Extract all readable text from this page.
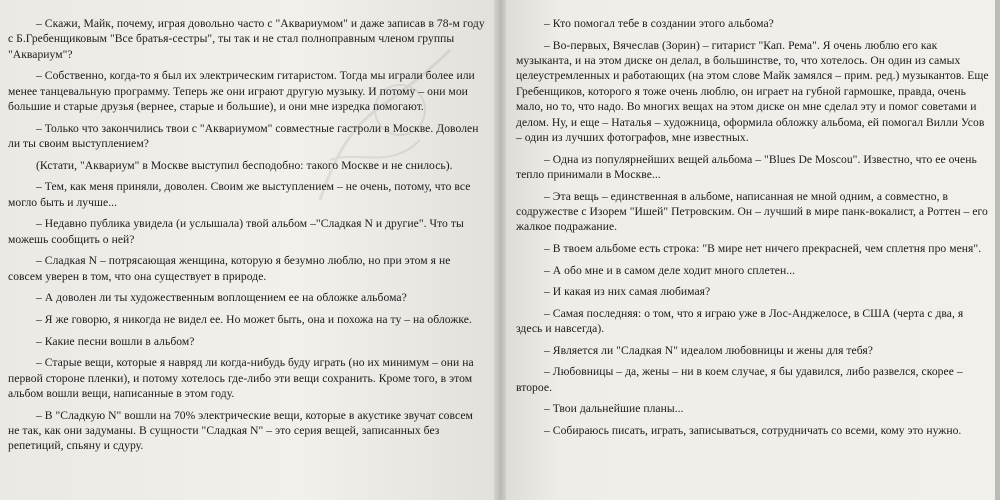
– Скажи, Майк, почему, играя довольно часто с "Аквариумом" и даже записав в 78-м году с Б.Гребенщиковым "Все братья-сестры", ты так и не стал полноправным членом группы "Аквариум"?

– Собственно, когда-то я был их электрическим гитаристом. Тогда мы играли более или менее танцевальную программу. Теперь же они играют другую музыку. И потому – они мои большие и старые друзья (вернее, старые и большие), и они мне изредка помогают.

– Только что закончились твои с "Аквариумом" совместные гастроли в Москве. Доволен ли ты своим выступлением?

(Кстати, "Аквариум" в Москве выступил бесподобно: такого Москве и не снилось).

– Тем, как меня приняли, доволен. Своим же выступлением – не очень, потому, что все могло быть и лучше...

– Недавно публика увидела (и услышала) твой альбом –"Сладкая N и другие". Что ты можешь сообщить о ней?

– Сладкая N – потрясающая женщина, которую я безумно люблю, но при этом я не совсем уверен в том, что она существует в природе.

– А доволен ли ты художественным воплощением ее на обложке альбома?

– Я же говорю, я никогда не видел ее. Но может быть, она и похожа на ту – на обложке.

– Какие песни вошли в альбом?

– Старые вещи, которые я навряд ли когда-нибудь буду играть (но их минимум – они на первой стороне пленки), и потому хотелось где-либо эти вещи сохранить. Кроме того, в этом альбом вошли вещи, написанные в этом году.

– В "Сладкую N" вошли на 70% электрические вещи, которые в акустике звучат совсем не так, как они задуманы. В сущности "Сладкая N" – это серия вещей, записанных без репетиций, спьяну и сдуру.

– Кто помогал тебе в создании этого альбома?

– Во-первых, Вячеслав (Зорин) – гитарист "Кап. Рема". Я очень люблю его как музыканта, и на этом диске он делал, в большинстве, то, что хотелось. Он один из самых целеустремленных и работающих (на этом слове Майк замялся – прим. ред.) музыкантов. Еще Гребенщиков, которого я тоже очень люблю, он играет на губной гармошке, правда, очень мало, но то, что надо. Во многих вещах на этом диске он мне сделал эту и помог советами и делом. Ну, и еще – Наталья – художница, оформила обложку альбома, ей помогал Вилли Усов – один из лучших фотографов, мне известных.

– Одна из популярнейших вещей альбома – "Blues De Moscou". Известно, что ее очень тепло принимали в Москве...

– Эта вещь – единственная в альбоме, написанная не мной одним, а совместно, в содружестве с Изорем "Ишей" Петровским. Он – лучший в мире панк-вокалист, а Роттен – его жалкое подражание.

– В твоем альбоме есть строка: "В мире нет ничего прекрасней, чем сплетня про меня".

– А обо мне и в самом деле ходит много сплетен...

– И какая из них самая любимая?

– Самая последняя: о том, что я играю уже в Лос-Анджелосе, в США (черта с два, я здесь и навсегда).

– Является ли "Сладкая N" идеалом любовницы и жены для тебя?

– Любовницы – да, жены – ни в коем случае, я бы удавился, либо развелся, скорее – второе.

– Твои дальнейшие планы...

– Собираюсь писать, играть, записываться, сотрудничать со всеми, кому это нужно.
